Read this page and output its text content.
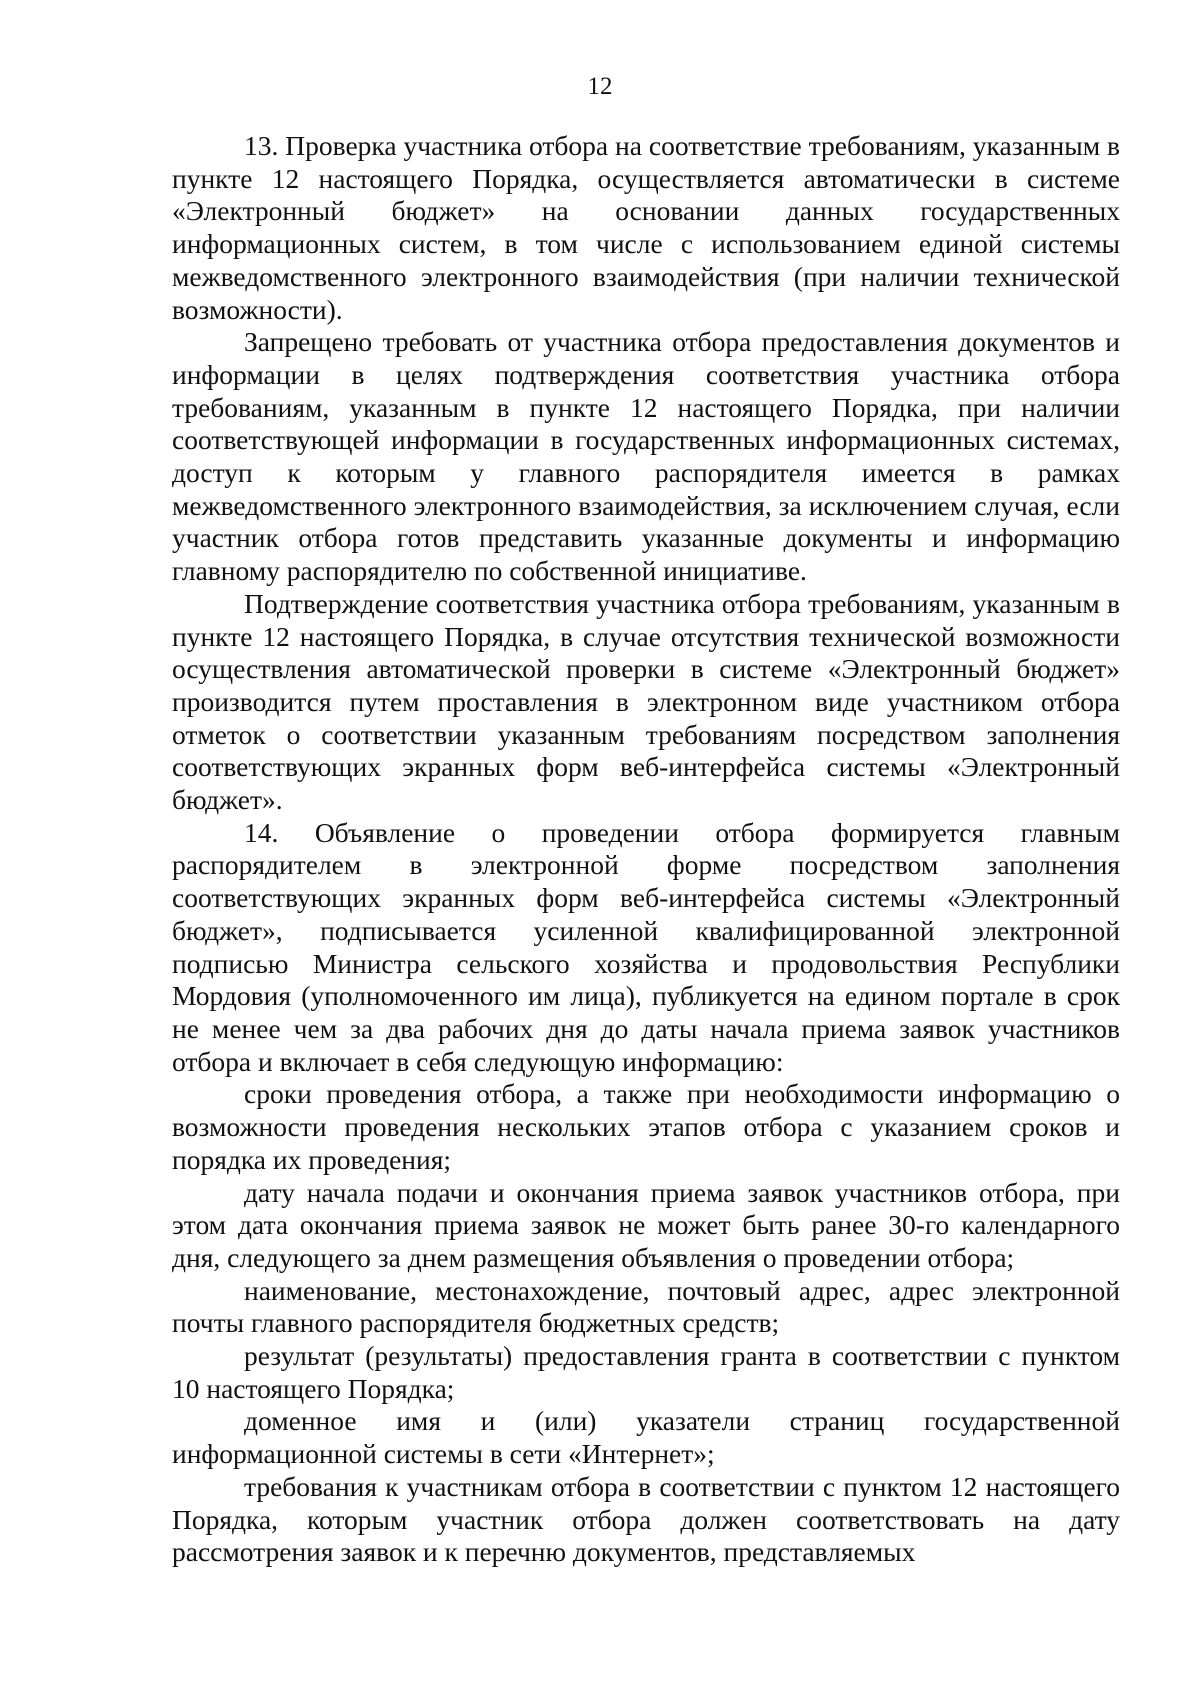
12

13. Проверка участника отбора на соответствие требованиям, указанным в пункте 12 настоящего Порядка, осуществляется автоматически в системе «Электронный бюджет» на основании данных государственных информационных систем, в том числе с использованием единой системы межведомственного электронного взаимодействия (при наличии технической возможности).

Запрещено требовать от участника отбора предоставления документов и информации в целях подтверждения соответствия участника отбора требованиям, указанным в пункте 12 настоящего Порядка, при наличии соответствующей информации в государственных информационных системах, доступ к которым у главного распорядителя имеется в рамках межведомственного электронного взаимодействия, за исключением случая, если участник отбора готов представить указанные документы и информацию главному распорядителю по собственной инициативе.

Подтверждение соответствия участника отбора требованиям, указанным в пункте 12 настоящего Порядка, в случае отсутствия технической возможности осуществления автоматической проверки в системе «Электронный бюджет» производится путем проставления в электронном виде участником отбора отметок о соответствии указанным требованиям посредством заполнения соответствующих экранных форм веб-интерфейса системы «Электронный бюджет».

14. Объявление о проведении отбора формируется главным распорядителем в электронной форме посредством заполнения соответствующих экранных форм веб-интерфейса системы «Электронный бюджет», подписывается усиленной квалифицированной электронной подписью Министра сельского хозяйства и продовольствия Республики Мордовия (уполномоченного им лица), публикуется на едином портале в срок не менее чем за два рабочих дня до даты начала приема заявок участников отбора и включает в себя следующую информацию:

сроки проведения отбора, а также при необходимости информацию о возможности проведения нескольких этапов отбора с указанием сроков и порядка их проведения;

дату начала подачи и окончания приема заявок участников отбора, при этом дата окончания приема заявок не может быть ранее 30-го календарного дня, следующего за днем размещения объявления о проведении отбора;

наименование, местонахождение, почтовый адрес, адрес электронной почты главного распорядителя бюджетных средств;

результат (результаты) предоставления гранта в соответствии с пунктом 10 настоящего Порядка;

доменное имя и (или) указатели страниц государственной информационной системы в сети «Интернет»;

требования к участникам отбора в соответствии с пунктом 12 настоящего Порядка, которым участник отбора должен соответствовать на дату рассмотрения заявок и к перечню документов, представляемых
